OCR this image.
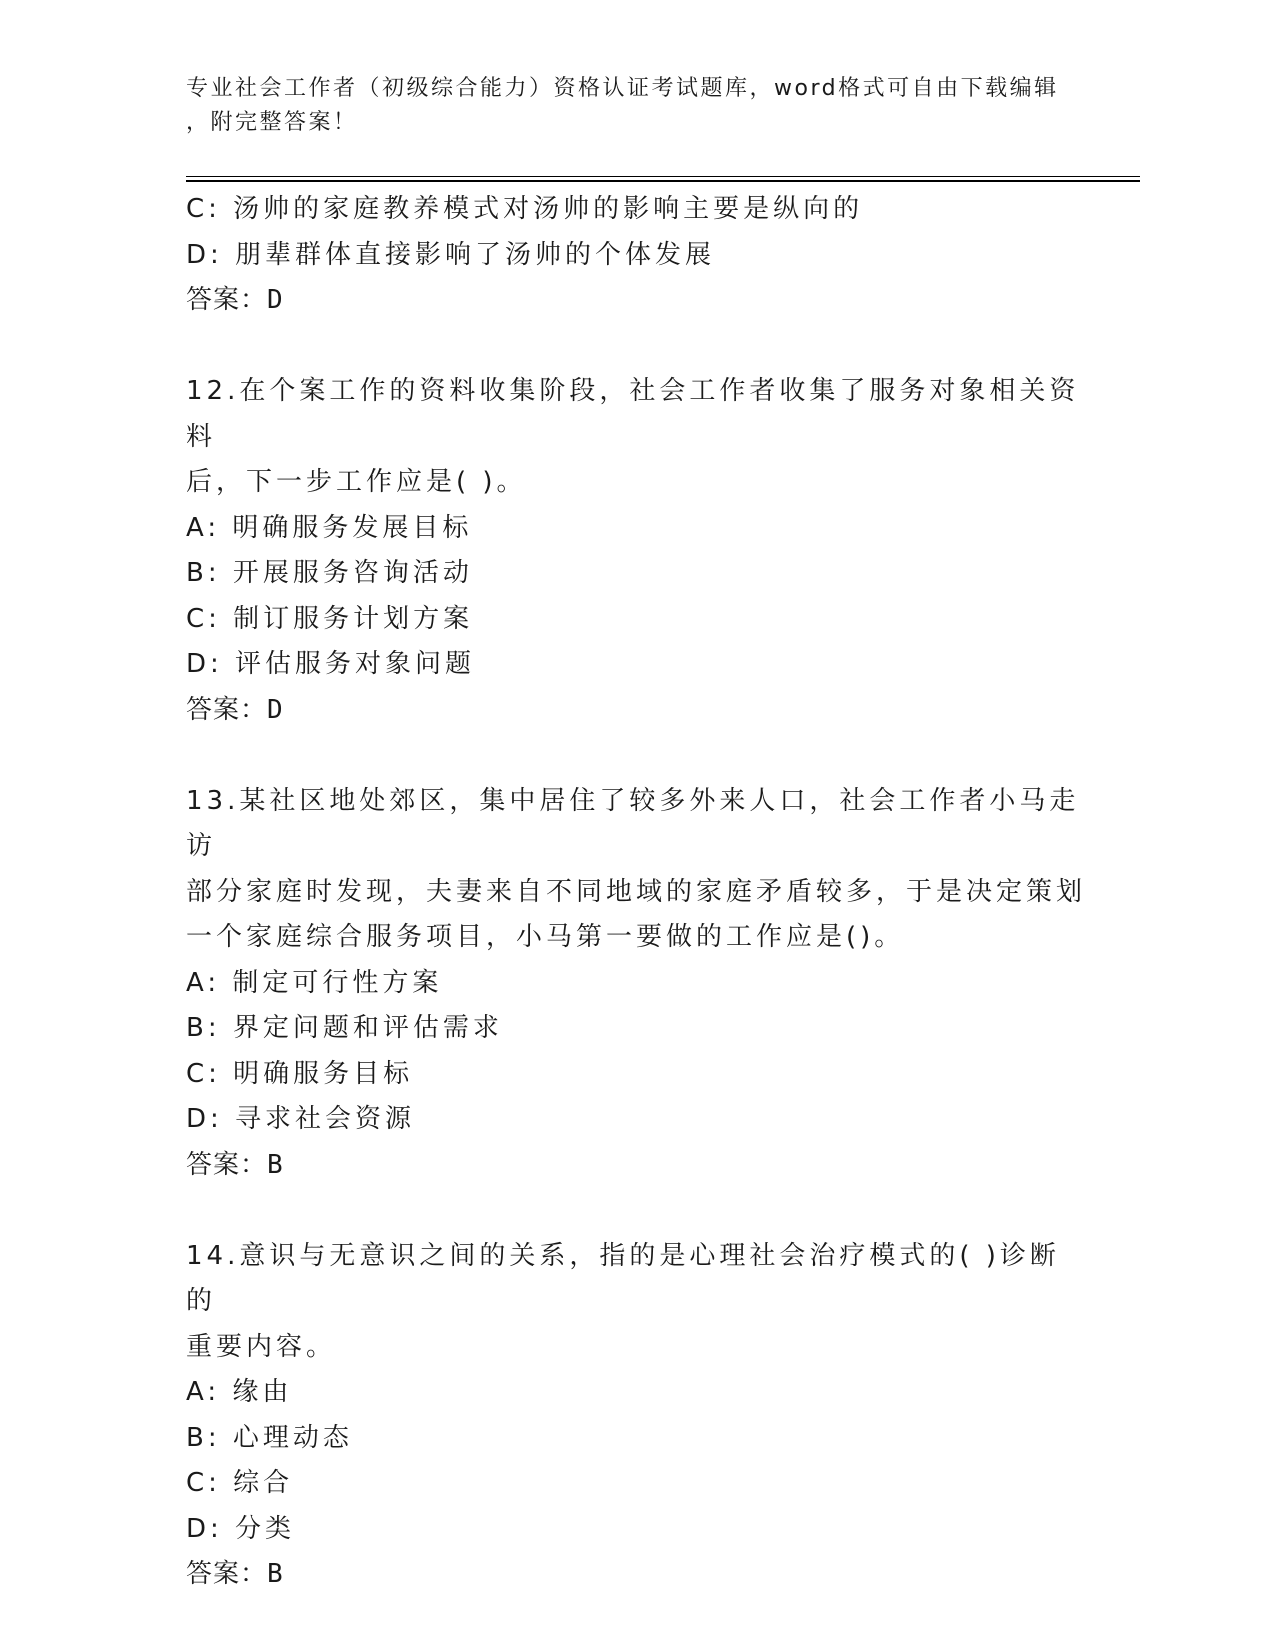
专业社会工作者（初级综合能力）资格认证考试题库，word格式可自由下载编辑
，附完整答案！
C: 汤帅的家庭教养模式对汤帅的影响主要是纵向的
D: 朋辈群体直接影响了汤帅的个体发展
答案：D
12.在个案工作的资料收集阶段，社会工作者收集了服务对象相关资料
后，下一步工作应是( )。
A: 明确服务发展目标
B: 开展服务咨询活动
C: 制订服务计划方案
D: 评估服务对象问题
答案：D
13.某社区地处郊区，集中居住了较多外来人口，社会工作者小马走访
部分家庭时发现，夫妻来自不同地域的家庭矛盾较多，于是决定策划
一个家庭综合服务项目，小马第一要做的工作应是()。
A: 制定可行性方案
B: 界定问题和评估需求
C: 明确服务目标
D: 寻求社会资源
答案：B
14.意识与无意识之间的关系，指的是心理社会治疗模式的( )诊断的
重要内容。
A: 缘由
B: 心理动态
C: 综合
D: 分类
答案：B
